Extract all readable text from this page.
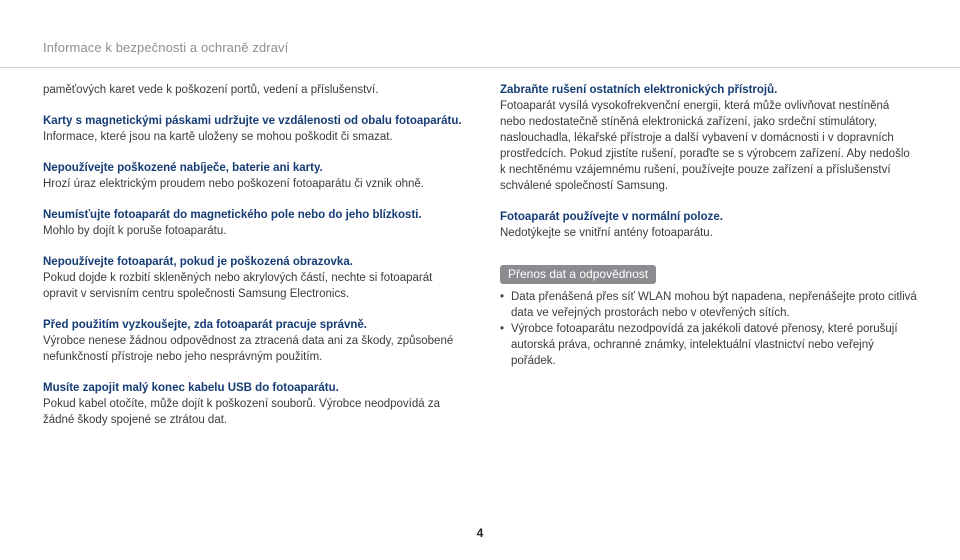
Informace k bezpečnosti a ochraně zdraví

paměťových karet vede k poškození portů, vedení a příslušenství.

Karty s magnetickými páskami udržujte ve vzdálenosti od obalu fotoaparátu.

Informace, které jsou na kartě uloženy se mohou poškodit či smazat.

Nepoužívejte poškozené nabíječe, baterie ani karty.

Hrozí úraz elektrickým proudem nebo poškození fotoaparátu či vznik ohně.

Neumísťujte fotoaparát do magnetického pole nebo do jeho blízkosti.

Mohlo by dojít k poruše fotoaparátu.

Nepoužívejte fotoaparát, pokud je poškozená obrazovka.

Pokud dojde k rozbití skleněných nebo akrylových částí, nechte si fotoaparát opravit v servisním centru společnosti Samsung Electronics.

Před použitím vyzkoušejte, zda fotoaparát pracuje správně.

Výrobce nenese žádnou odpovědnost za ztracená data ani za škody, způsobené nefunkčností přístroje nebo jeho nesprávným použitím.

Musíte zapojit malý konec kabelu USB do fotoaparátu.

Pokud kabel otočíte, může dojít k poškození souborů. Výrobce neodpovídá za žádné škody spojené se ztrátou dat.

Zabraňte rušení ostatních elektronických přístrojů.

Fotoaparát vysílá vysokofrekvenční energii, která může ovlivňovat nestíněná nebo nedostatečně stíněná elektronická zařízení, jako srdeční stimulátory, naslouchadla, lékařské přístroje a další vybavení v domácnosti i v dopravních prostředcích. Pokud zjistíte rušení, poraďte se s výrobcem zařízení. Aby nedošlo k nechtěnému vzájemnému rušení, používejte pouze zařízení a příslušenství schválené společností Samsung.

Fotoaparát používejte v normální poloze.

Nedotýkejte se vnitřní antény fotoaparátu.

Přenos dat a odpovědnost
• Data přenášená přes síť WLAN mohou být napadena, nepřenášejte proto citlivá data ve veřejných prostorách nebo v otevřených sítích.
• Výrobce fotoaparátu nezodpovídá za jakékoli datové přenosy, které porušují autorská práva, ochranné známky, intelektuální vlastnictví nebo veřejný pořádek.
4
